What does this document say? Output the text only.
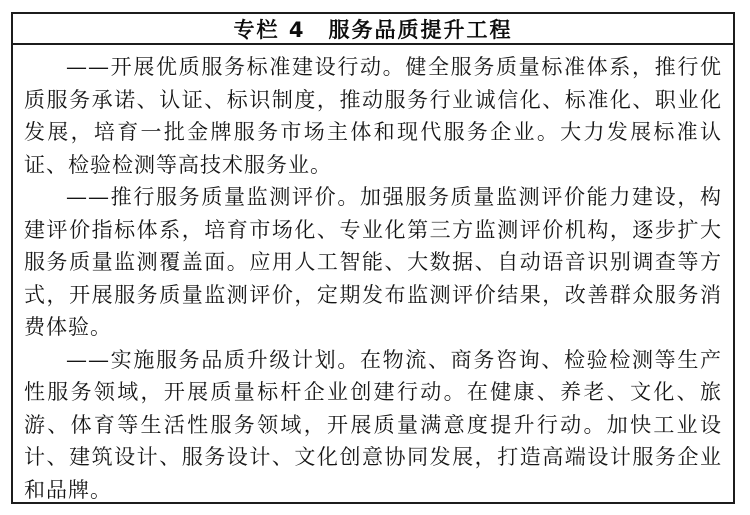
专栏 4　服务品质提升工程

——开展优质服务标准建设行动。健全服务质量标准体系，推行优质服务承诺、认证、标识制度，推动服务行业诚信化、标准化、职业化发展，培育一批金牌服务市场主体和现代服务企业。大力发展标准认证、检验检测等高技术服务业。

——推行服务质量监测评价。加强服务质量监测评价能力建设，构建评价指标体系，培育市场化、专业化第三方监测评价机构，逐步扩大服务质量监测覆盖面。应用人工智能、大数据、自动语音识别调查等方式，开展服务质量监测评价，定期发布监测评价结果，改善群众服务消费体验。

——实施服务品质升级计划。在物流、商务咨询、检验检测等生产性服务领域，开展质量标杆企业创建行动。在健康、养老、文化、旅游、体育等生活性服务领域，开展质量满意度提升行动。加快工业设计、建筑设计、服务设计、文化创意协同发展，打造高端设计服务企业和品牌。
